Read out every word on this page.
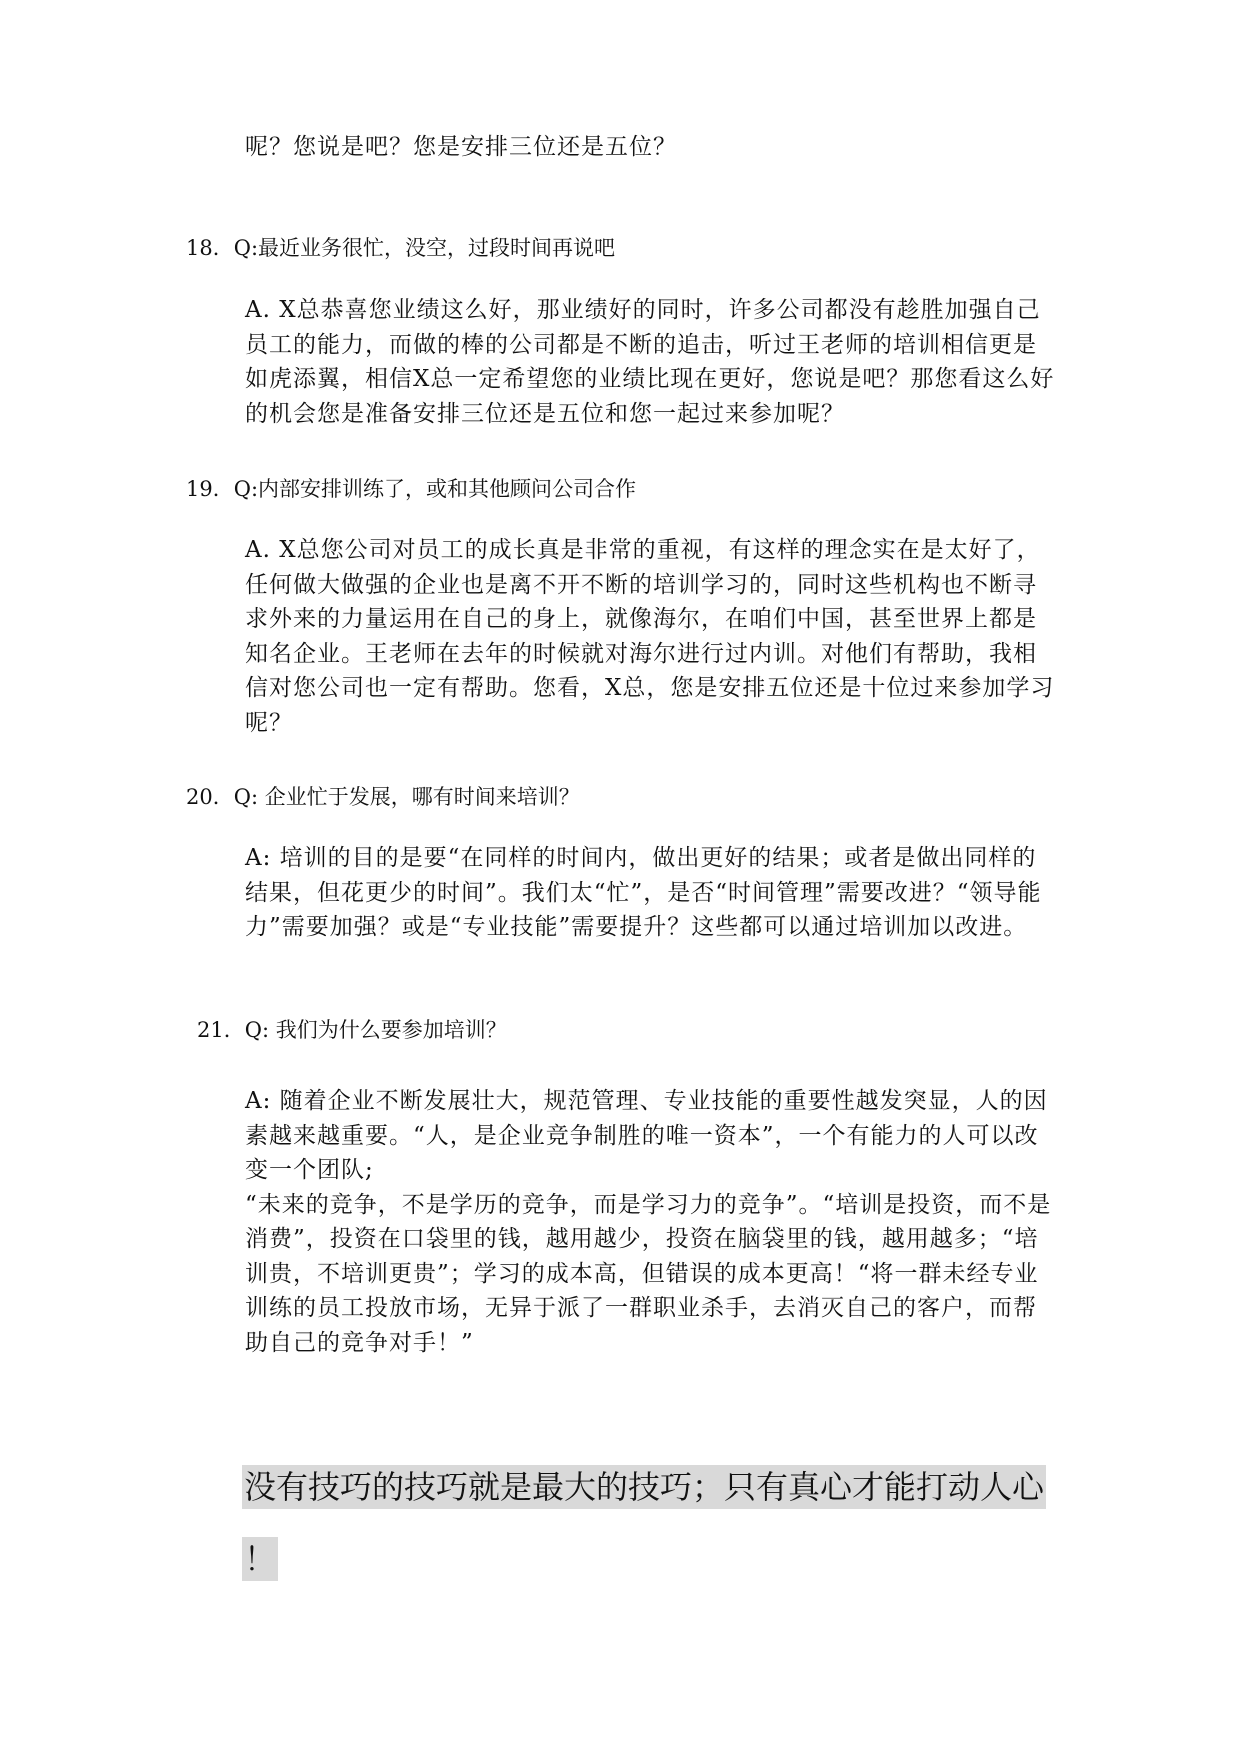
呢？您说是吧？您是安排三位还是五位？

18．Q:最近业务很忙，没空，过段时间再说吧

A. X总恭喜您业绩这么好，那业绩好的同时，许多公司都没有趁胜加强自己员工的能力，而做的棒的公司都是不断的追击，听过王老师的培训相信更是如虎添翼，相信X总一定希望您的业绩比现在更好，您说是吧？那您看这么好的机会您是准备安排三位还是五位和您一起过来参加呢？

19．Q:内部安排训练了，或和其他顾问公司合作

A. X总您公司对员工的成长真是非常的重视，有这样的理念实在是太好了，任何做大做强的企业也是离不开不断的培训学习的，同时这些机构也不断寻求外来的力量运用在自己的身上，就像海尔，在咱们中国，甚至世界上都是知名企业。王老师在去年的时候就对海尔进行过内训。对他们有帮助，我相信对您公司也一定有帮助。您看，X总，您是安排五位还是十位过来参加学习呢？

20．Q: 企业忙于发展，哪有时间来培训？

A: 培训的目的是要“在同样的时间内，做出更好的结果；或者是做出同样的结果，但花更少的时间”。我们太“忙”，是否“时间管理”需要改进？“领导能力”需要加强？或是“专业技能”需要提升？这些都可以通过培训加以改进。

21．Q: 我们为什么要参加培训？

A: 随着企业不断发展壮大，规范管理、专业技能的重要性越发突显，人的因素越来越重要。“人，是企业竞争制胜的唯一资本”，一个有能力的人可以改变一个团队;
“未来的竞争，不是学历的竞争，而是学习力的竞争”。“培训是投资，而不是消费”，投资在口袋里的钱，越用越少，投资在脑袋里的钱，越用越多；“培训贵，不培训更贵”；学习的成本高，但错误的成本更高！“将一群未经专业训练的员工投放市场，无异于派了一群职业杀手，去消灭自己的客户，而帮助自己的竞争对手！”

没有技巧的技巧就是最大的技巧；只有真心才能打动人心
！
